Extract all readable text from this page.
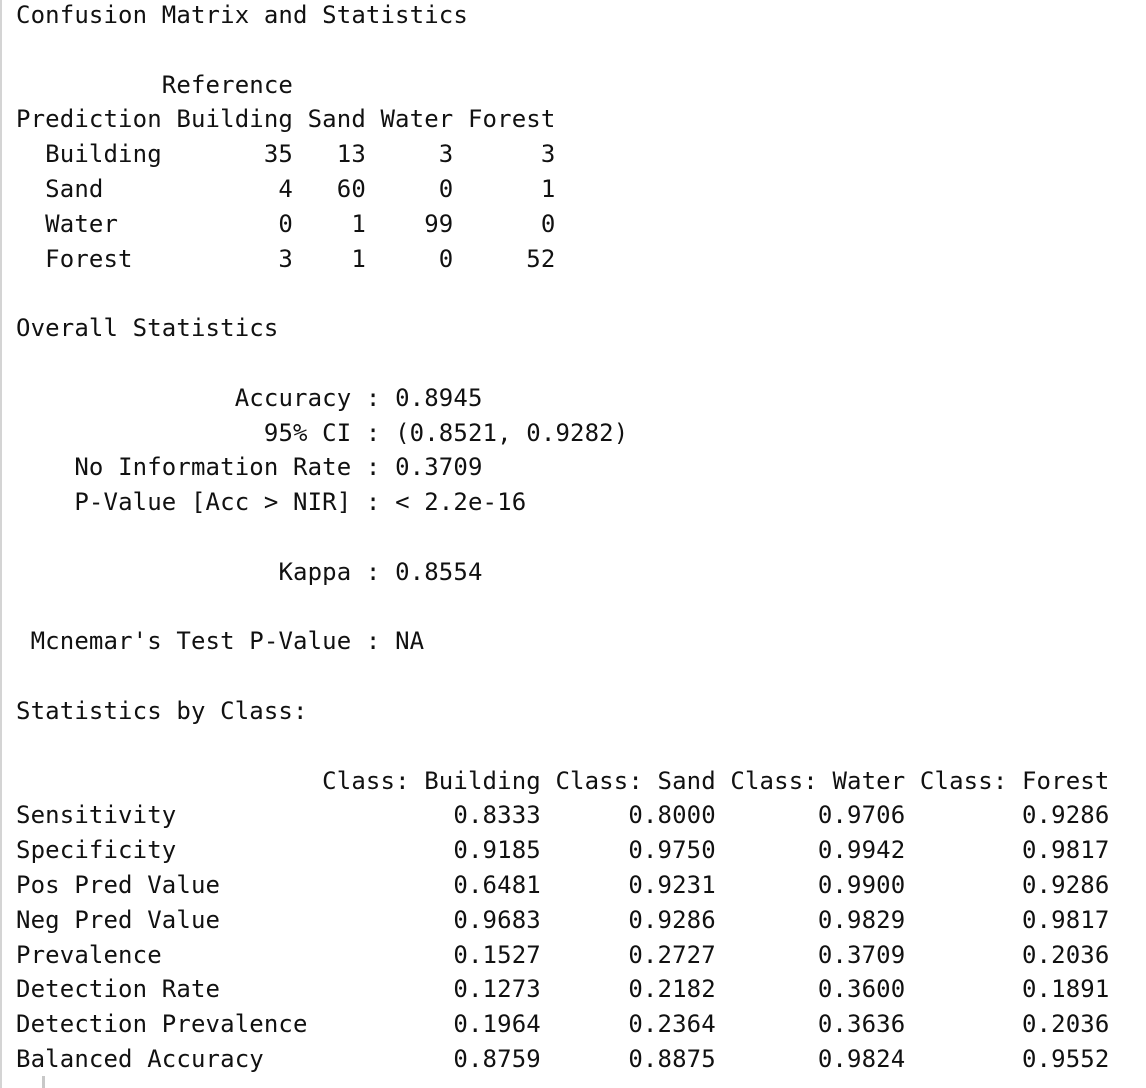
Confusion Matrix and Statistics
Reference
Prediction Building Sand Water Forest
Building       35   13     3      3
Sand            4   60     0      1
Water           0    1    99      0
Forest          3    1     0     52
Overall Statistics
Accuracy : 0.8945
95% CI : (0.8521, 0.9282)
No Information Rate : 0.3709
P-Value [Acc > NIR] : < 2.2e-16
Kappa : 0.8554
Mcnemar's Test P-Value : NA
Statistics by Class:
Class: Building Class: Sand Class: Water Class: Forest
Sensitivity                   0.8333      0.8000       0.9706        0.9286
Specificity                   0.9185      0.9750       0.9942        0.9817
Pos Pred Value                0.6481      0.9231       0.9900        0.9286
Neg Pred Value                0.9683      0.9286       0.9829        0.9817
Prevalence                    0.1527      0.2727       0.3709        0.2036
Detection Rate                0.1273      0.2182       0.3600        0.1891
Detection Prevalence          0.1964      0.2364       0.3636        0.2036
Balanced Accuracy             0.8759      0.8875       0.9824        0.9552
